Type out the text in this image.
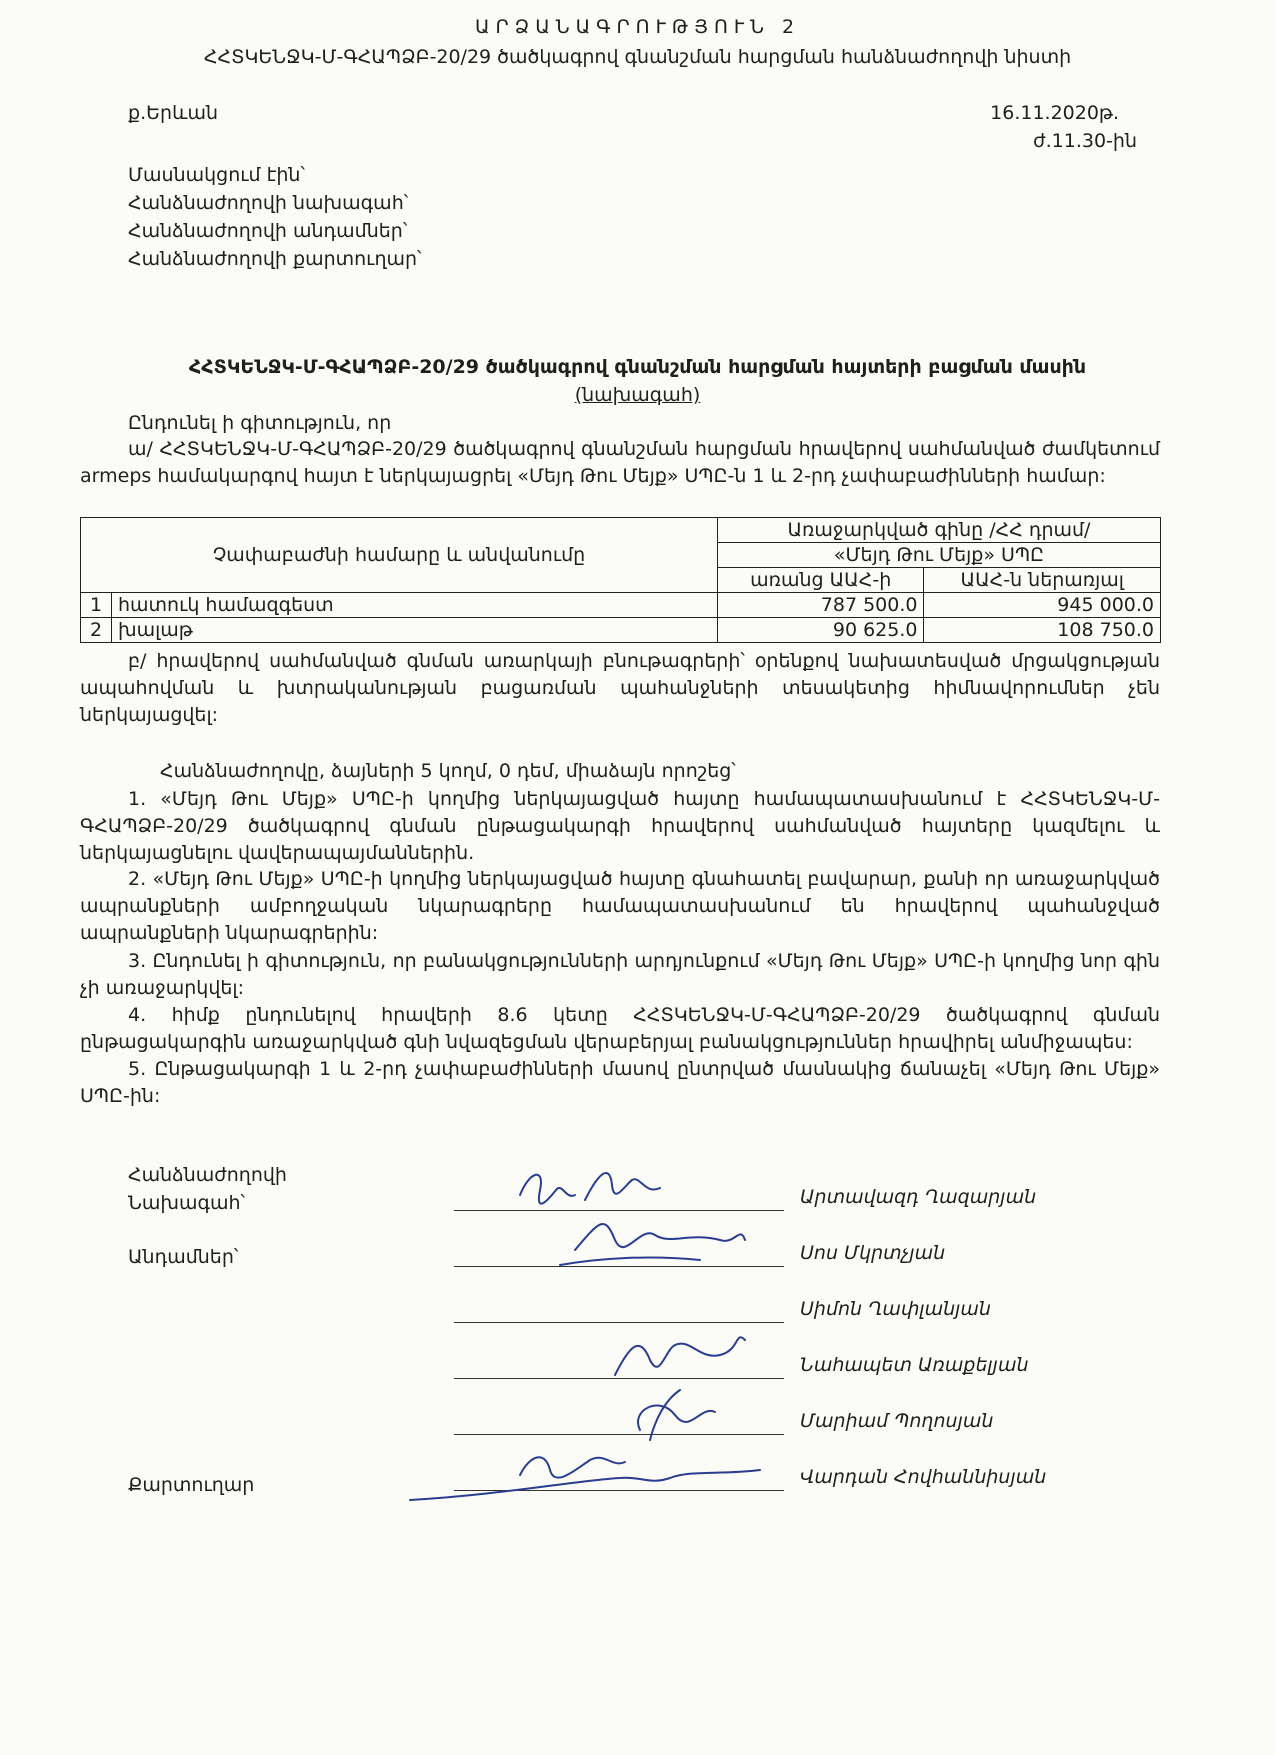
ԱՐՁԱՆԱԳՐՈՒԹՅՈՒՆ 2
ՀՀՏԿԵՆՋԿ-Մ-ԳՀԱՊՁԲ-20/29 ծածկագրով գնանշման հարցման հանձնաժողովի նիստի
ք.Երևան	16.11.2020թ.
ժ.11.30-ին
Մասնակցում էին՝
Հանձնաժողովի նախագահ՝
Հանձնաժողովի անդամներ՝
Հանձնաժողովի քարտուղար՝
ՀՀՏԿԵՆՋԿ-Մ-ԳՀԱՊՁԲ-20/29 ծածկագրով գնանշման հարցման հայտերի բացման մասին
(նախագահ)
Ընդունել ի գիտություն, որ
ա/ ՀՀՏԿԵՆՋԿ-Մ-ԳՀԱՊՁԲ-20/29 ծածկագրով գնանշման հարցման հրավերով սահմանված ժամկետում armeps համակարգով հայտ է ներկայացրել «Մեյդ Թու Մեյք» ՍՊԸ-ն 1 և 2-րդ չափաբաժինների համար:
Չափաբաժնի համարը և անվանումը		Առաջարկված գինը /ՀՀ դրամ/	
		«Մեյդ Թու Մեյք» ՍՊԸ	
		առանց ԱԱՀ-ի	ԱԱՀ-ն ներառյալ
1	հատուկ համազգեստ	787 500.0	945 000.0
2	խալաթ	90 625.0	108 750.0
բ/ հրավերով սահմանված գնման առարկայի բնութագրերի՝ օրենքով նախատեսված մրցակցության ապահովման և խտրականության բացառման պահանջների տեսակետից հիմնավորումներ չեն ներկայացվել:
Հանձնաժողովը, ձայների 5 կողմ, 0 դեմ, միաձայն որոշեց՝
1. «Մեյդ Թու Մեյք» ՍՊԸ-ի կողմից ներկայացված հայտը համապատասխանում է ՀՀՏԿԵՆՋԿ-Մ-ԳՀԱՊՁԲ-20/29 ծածկագրով գնման ընթացակարգի հրավերով սահմանված հայտերը կազմելու և ներկայացնելու վավերապայմաններին.
2. «Մեյդ Թու Մեյք» ՍՊԸ-ի կողմից ներկայացված հայտը գնահատել բավարար, քանի որ առաջարկված ապրանքների ամբողջական նկարագրերը համապատասխանում են հրավերով պահանջված ապրանքների նկարագրերին:
3. Ընդունել ի գիտություն, որ բանակցությունների արդյունքում «Մեյդ Թու Մեյք» ՍՊԸ-ի կողմից նոր գին չի առաջարկվել:
4. հիմք ընդունելով հրավերի 8.6 կետը ՀՀՏԿԵՆՋԿ-Մ-ԳՀԱՊՁԲ-20/29 ծածկագրով գնման ընթացակարգին առաջարկված գնի նվազեցման վերաբերյալ բանակցություններ հրավիրել անմիջապես:
5. Ընթացակարգի 1 և 2-րդ չափաբաժինների մասով ընտրված մասնակից ճանաչել «Մեյդ Թու Մեյք» ՍՊԸ-ին:
Հանձնաժողովի
Նախագահ՝
Անդամներ՝
Քարտուղար
Արտավազդ Ղազարյան
Սոս Մկրտչյան
Սիմոն Ղափլանյան
Նահապետ Առաքելյան
Մարիամ Պողոսյան
Վարդան Հովհաննիսյան
